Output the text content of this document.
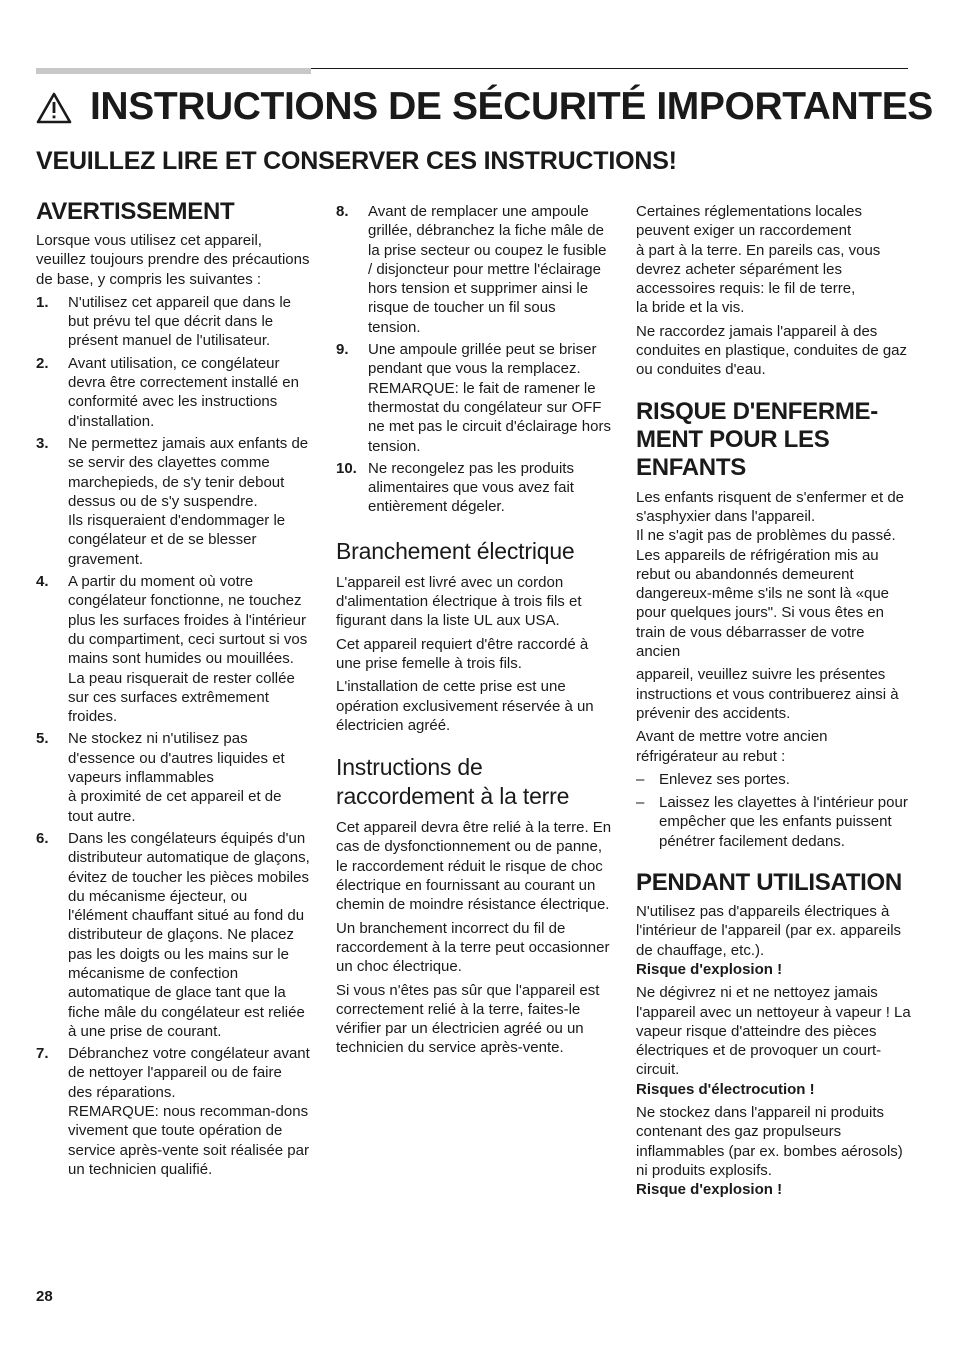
INSTRUCTIONS DE SÉCURITÉ IMPORTANTES
VEUILLEZ LIRE ET CONSERVER CES INSTRUCTIONS!
AVERTISSEMENT

Lorsque vous utilisez cet appareil, veuillez toujours prendre des précautions de base, y compris les suivantes :

1. N'utilisez cet appareil que dans le but prévu tel que décrit dans le présent manuel de l'utilisateur.
2. Avant utilisation, ce congélateur devra être correctement installé en conformité avec les instructions d'installation.
3. Ne permettez jamais aux enfants de se servir des clayettes comme marchepieds, de s'y tenir debout dessus ou de s'y suspendre.
Ils risqueraient d'endommager le congélateur et de se blesser gravement.
4. A partir du moment où votre congélateur fonctionne, ne touchez plus les surfaces froides à l'intérieur du compartiment, ceci surtout si vos mains sont humides ou mouillées. La peau risquerait de rester collée sur ces surfaces extrêmement froides.
5. Ne stockez ni n'utilisez pas d'essence ou d'autres liquides et vapeurs inflammables
à proximité de cet appareil et de tout autre.
6. Dans les congélateurs équipés d'un distributeur automatique de glaçons, évitez de toucher les pièces mobiles du mécanisme éjecteur, ou l'élément chauffant situé au fond du distributeur de glaçons. Ne placez pas les doigts ou les mains sur le mécanisme de confection automatique de glace tant que la fiche mâle du congélateur est reliée à une prise de courant.
7. Débranchez votre congélateur avant de nettoyer l'appareil ou de faire des réparations.
REMARQUE: nous recomman-dons vivement que toute opération de service après-vente soit réalisée par un technicien qualifié.
8. Avant de remplacer une ampoule grillée, débranchez la fiche mâle de la prise secteur ou coupez le fusible / disjoncteur pour mettre l'éclairage hors tension et supprimer ainsi le risque de toucher un fil sous tension.
9. Une ampoule grillée peut se briser pendant que vous la remplacez.
REMARQUE: le fait de ramener le thermostat du congélateur sur OFF ne met pas le circuit d'éclairage hors tension.
10. Ne recongelez pas les produits alimentaires que vous avez fait entièrement dégeler.
Branchement électrique

L'appareil est livré avec un cordon d'alimentation électrique à trois fils et figurant dans la liste UL aux USA.

Cet appareil requiert d'être raccordé à une prise femelle à trois fils.

L'installation de cette prise est une opération exclusivement réservée à un électricien agréé.

Instructions de raccordement à la terre

Cet appareil devra être relié à la terre. En cas de dysfonctionnement ou de panne, le raccordement réduit le risque de choc électrique en fournissant au courant un chemin de moindre résistance électrique.

Un branchement incorrect du fil de raccordement à la terre peut occasionner un choc électrique.

Si vous n'êtes pas sûr que l'appareil est correctement relié à la terre, faites-le vérifier par un électricien agréé ou un technicien du service après-vente.

Certaines réglementations locales peuvent exiger un raccordement
à part à la terre. En pareils cas, vous devrez acheter séparément les accessoires requis: le fil de terre,
la bride et la vis.

Ne raccordez jamais l'appareil à des conduites en plastique, conduites de gaz ou conduites d'eau.

RISQUE D'ENFERME-MENT POUR LES ENFANTS

Les enfants risquent de s'enfermer et de s'asphyxier dans l'appareil.
Il ne s'agit pas de problèmes du passé. Les appareils de réfrigération mis au rebut ou abandonnés demeurent dangereux-même s'ils ne sont là «que pour quelques jours". Si vous êtes en train de vous débarrasser de votre ancien

appareil, veuillez suivre les présentes instructions et vous contribuerez ainsi à prévenir des accidents.

Avant de mettre votre ancien réfrigérateur au rebut :

– Enlevez ses portes.
– Laissez les clayettes à l'intérieur pour empêcher que les enfants puissent pénétrer facilement dedans.
PENDANT UTILISATION

N'utilisez pas d'appareils électriques à l'intérieur de l'appareil (par ex. appareils de chauffage, etc.).

Risque d'explosion !

Ne dégivrez ni et ne nettoyez jamais l'appareil avec un nettoyeur à vapeur ! La vapeur risque d'atteindre des pièces électriques et de provoquer un court-circuit.

Risques d'électrocution !

Ne stockez dans l'appareil ni produits contenant des gaz propulseurs inflammables (par ex. bombes aérosols) ni produits explosifs.

Risque d'explosion !

28
